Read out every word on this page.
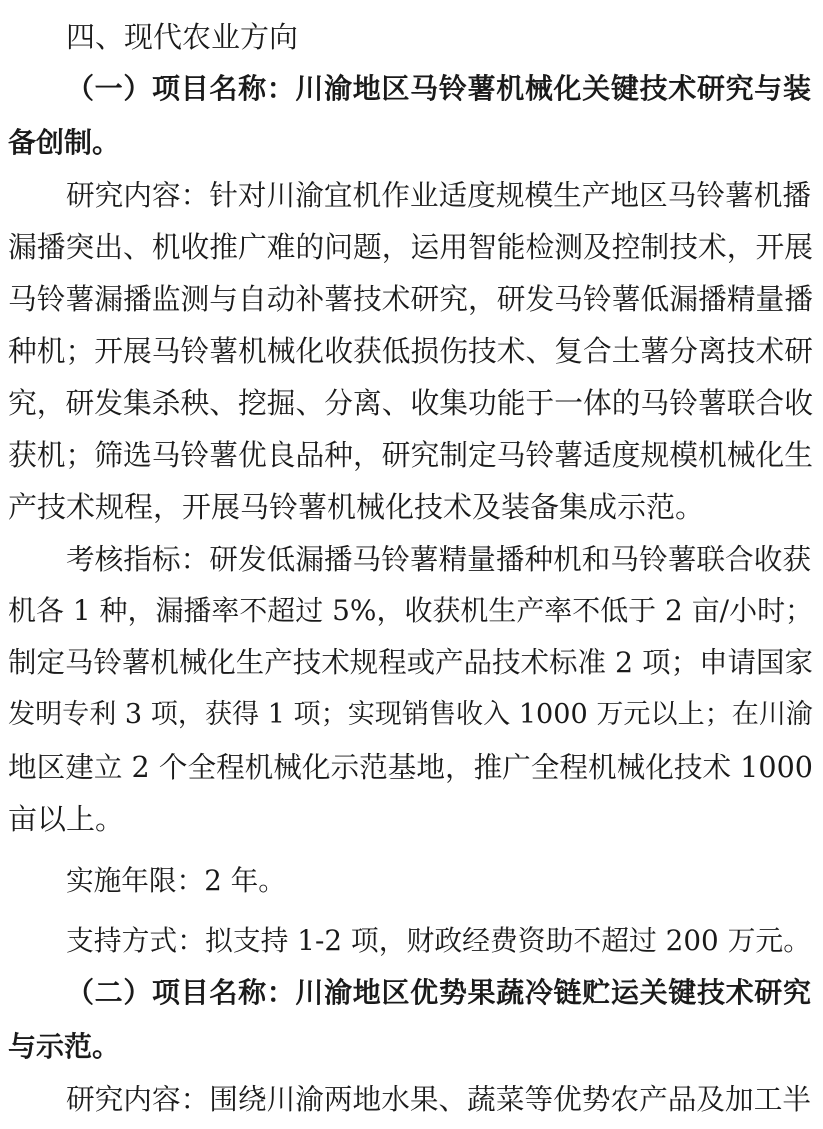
四、现代农业方向
（一）项目名称：川渝地区马铃薯机械化关键技术研究与装
备创制。
研究内容：针对川渝宜机作业适度规模生产地区马铃薯机播
漏播突出、机收推广难的问题，运用智能检测及控制技术，开展
马铃薯漏播监测与自动补薯技术研究，研发马铃薯低漏播精量播
种机；开展马铃薯机械化收获低损伤技术、复合土薯分离技术研
究，研发集杀秧、挖掘、分离、收集功能于一体的马铃薯联合收
获机；筛选马铃薯优良品种，研究制定马铃薯适度规模机械化生
产技术规程，开展马铃薯机械化技术及装备集成示范。
考核指标：研发低漏播马铃薯精量播种机和马铃薯联合收获
机各 1 种，漏播率不超过 5%，收获机生产率不低于 2 亩/小时；
制定马铃薯机械化生产技术规程或产品技术标准 2 项；申请国家
发明专利 3 项，获得 1 项；实现销售收入 1000 万元以上；在川渝
地区建立 2 个全程机械化示范基地，推广全程机械化技术 1000
亩以上。
实施年限：2 年。
支持方式：拟支持 1-2 项，财政经费资助不超过 200 万元。
（二）项目名称：川渝地区优势果蔬冷链贮运关键技术研究
与示范。
研究内容：围绕川渝两地水果、蔬菜等优势农产品及加工半
